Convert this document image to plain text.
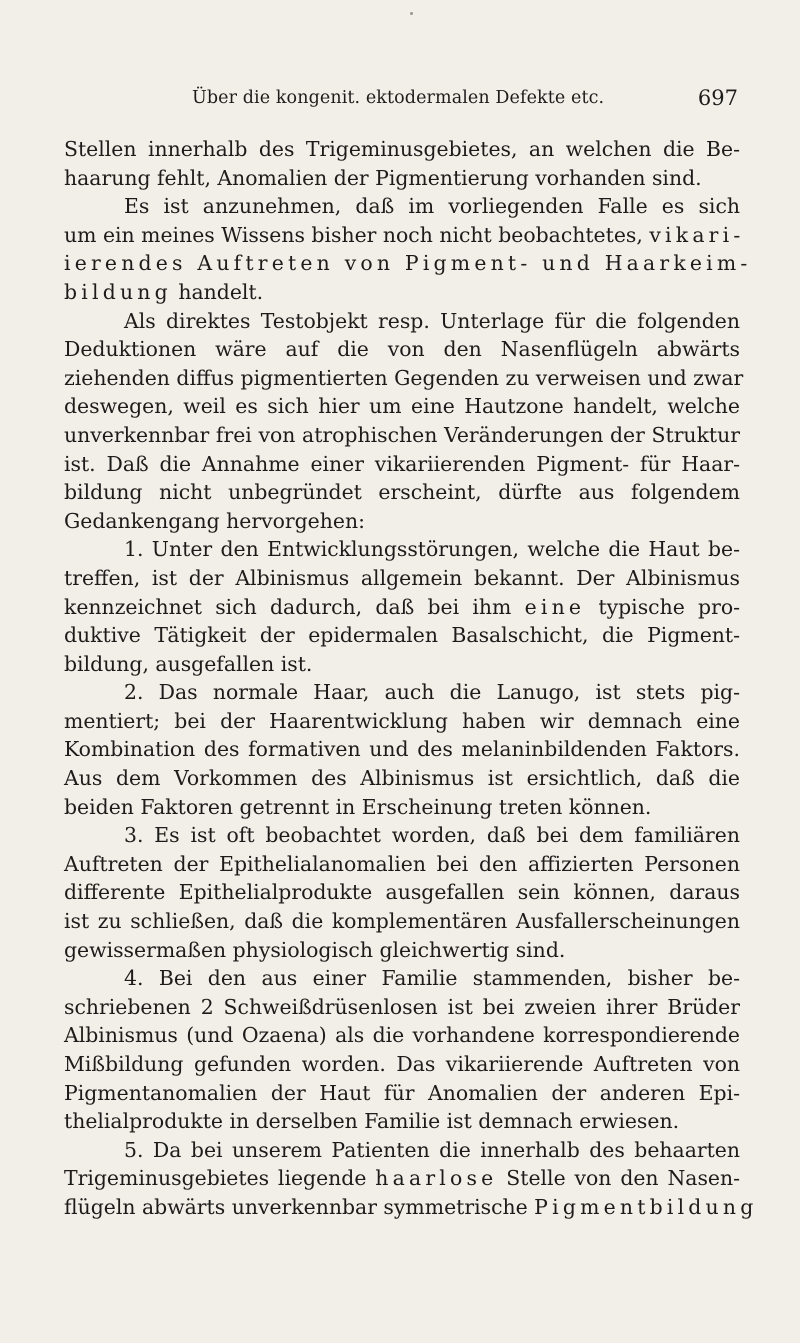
Über die kongenit. ektodermalen Defekte etc.	697
Stellen innerhalb des Trigeminusgebietes, an welchen die Be-
haarung fehlt, Anomalien der Pigmentierung vorhanden sind.
Es ist anzunehmen, daß im vorliegenden Falle es sich
um ein meines Wissens bisher noch nicht beobachtetes, vikari-
ierendes Auftreten von Pigment- und Haarkeim-
bildung handelt.
Als direktes Testobjekt resp. Unterlage für die folgenden
Deduktionen wäre auf die von den Nasenflügeln abwärts
ziehenden diffus pigmentierten Gegenden zu verweisen und zwar
deswegen, weil es sich hier um eine Hautzone handelt, welche
unverkennbar frei von atrophischen Veränderungen der Struktur
ist. Daß die Annahme einer vikariierenden Pigment- für Haar-
bildung nicht unbegründet erscheint, dürfte aus folgendem
Gedankengang hervorgehen:
1. Unter den Entwicklungsstörungen, welche die Haut be-
treffen, ist der Albinismus allgemein bekannt. Der Albinismus
kennzeichnet sich dadurch, daß bei ihm eine typische pro-
duktive Tätigkeit der epidermalen Basalschicht, die Pigment-
bildung, ausgefallen ist.
2. Das normale Haar, auch die Lanugo, ist stets pig-
mentiert; bei der Haarentwicklung haben wir demnach eine
Kombination des formativen und des melaninbildenden Faktors.
Aus dem Vorkommen des Albinismus ist ersichtlich, daß die
beiden Faktoren getrennt in Erscheinung treten können.
3. Es ist oft beobachtet worden, daß bei dem familiären
Auftreten der Epithelialanomalien bei den affizierten Personen
differente Epithelialprodukte ausgefallen sein können, daraus
ist zu schließen, daß die komplementären Ausfallerscheinungen
gewissermaßen physiologisch gleichwertig sind.
4. Bei den aus einer Familie stammenden, bisher be-
schriebenen 2 Schweißdrüsenlosen ist bei zweien ihrer Brüder
Albinismus (und Ozaena) als die vorhandene korrespondierende
Mißbildung gefunden worden. Das vikariierende Auftreten von
Pigmentanomalien der Haut für Anomalien der anderen Epi-
thelialprodukte in derselben Familie ist demnach erwiesen.
5. Da bei unserem Patienten die innerhalb des behaarten
Trigeminusgebietes liegende haarlose Stelle von den Nasen-
flügeln abwärts unverkennbar symmetrische Pigmentbildung
